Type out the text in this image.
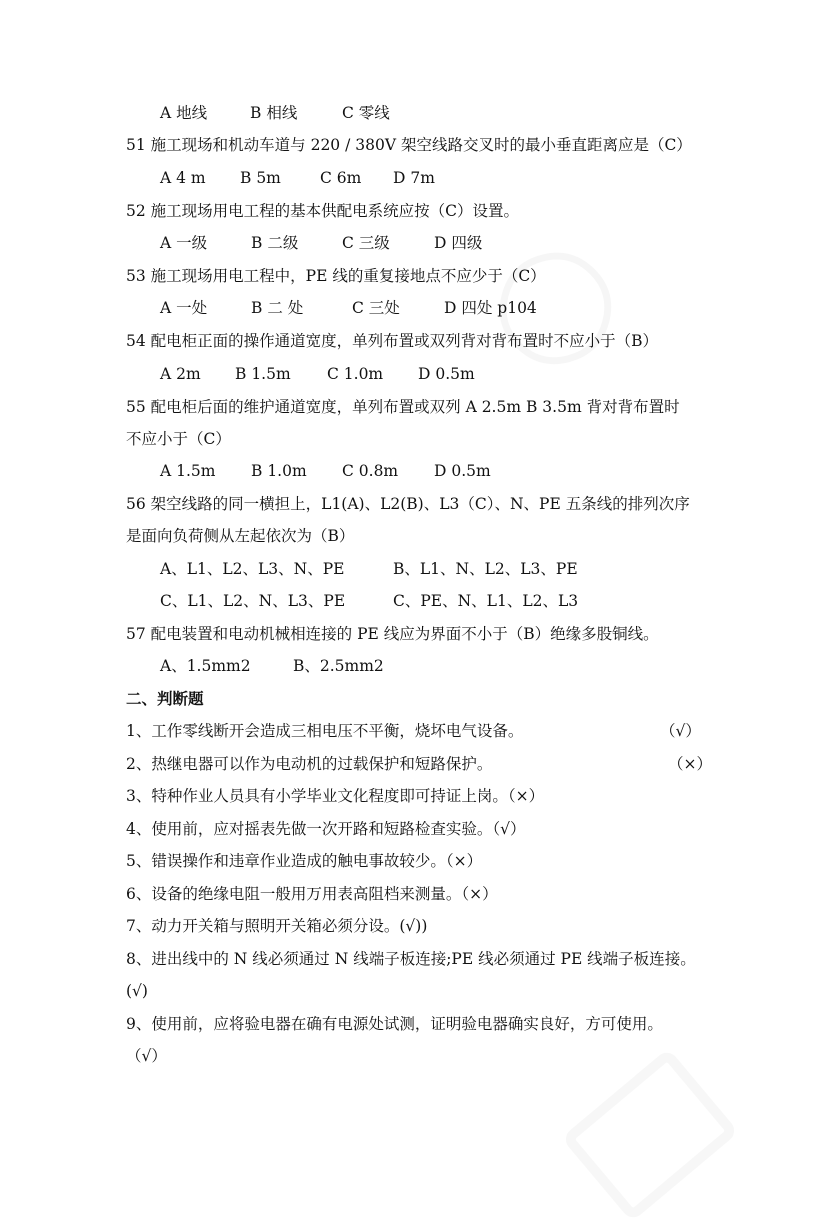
A 地线	B 相线	C 零线
51 施工现场和机动车道与 220 / 380V 架空线路交叉时的最小垂直距离应是（C）
A 4 m B 5m	C 6m D 7m
52 施工现场用电工程的基本供配电系统应按（C）设置。
A 一级	B 二级	C 三级	D 四级
53 施工现场用电工程中，PE 线的重复接地点不应少于（C）
A 一处	B 二 处	C 三处	D 四处 p104
54 配电柜正面的操作通道宽度，单列布置或双列背对背布置时不应小于（B）
A 2m B 1.5m C 1.0m D 0.5m
55 配电柜后面的维护通道宽度，单列布置或双列 A 2.5m B 3.5m 背对背布置时
不应小于（C）
A 1.5m B 1.0m C 0.8m D 0.5m
56 架空线路的同一横担上，L1(A)、L2(B)、L3（C）、N、PE 五条线的排列次序
是面向负荷侧从左起依次为（B）
A、L1、L2、L3、N、PE	B、L1、N、L2、L3、PE
C、L1、L2、N、L3、PE	C、PE、N、L1、L2、L3
57 配电装置和电动机械相连接的 PE 线应为界面不小于（B）绝缘多股铜线。
A、1.5mm2	B、2.5mm2
二、判断题
1、工作零线断开会造成三相电压不平衡，烧坏电气设备。	（√）
2、热继电器可以作为电动机的过载保护和短路保护。	（×）
3、特种作业人员具有小学毕业文化程度即可持证上岗。（×）
4、使用前，应对摇表先做一次开路和短路检查实验。（√）
5、错误操作和违章作业造成的触电事故较少。（×）
6、设备的绝缘电阻一般用万用表高阻档来测量。（×）
7、动力开关箱与照明开关箱必须分设。(√))
8、进出线中的 N 线必须通过 N 线端子板连接;PE 线必须通过 PE 线端子板连接。
(√)
9、使用前，应将验电器在确有电源处试测，证明验电器确实良好，方可使用。
（√）
